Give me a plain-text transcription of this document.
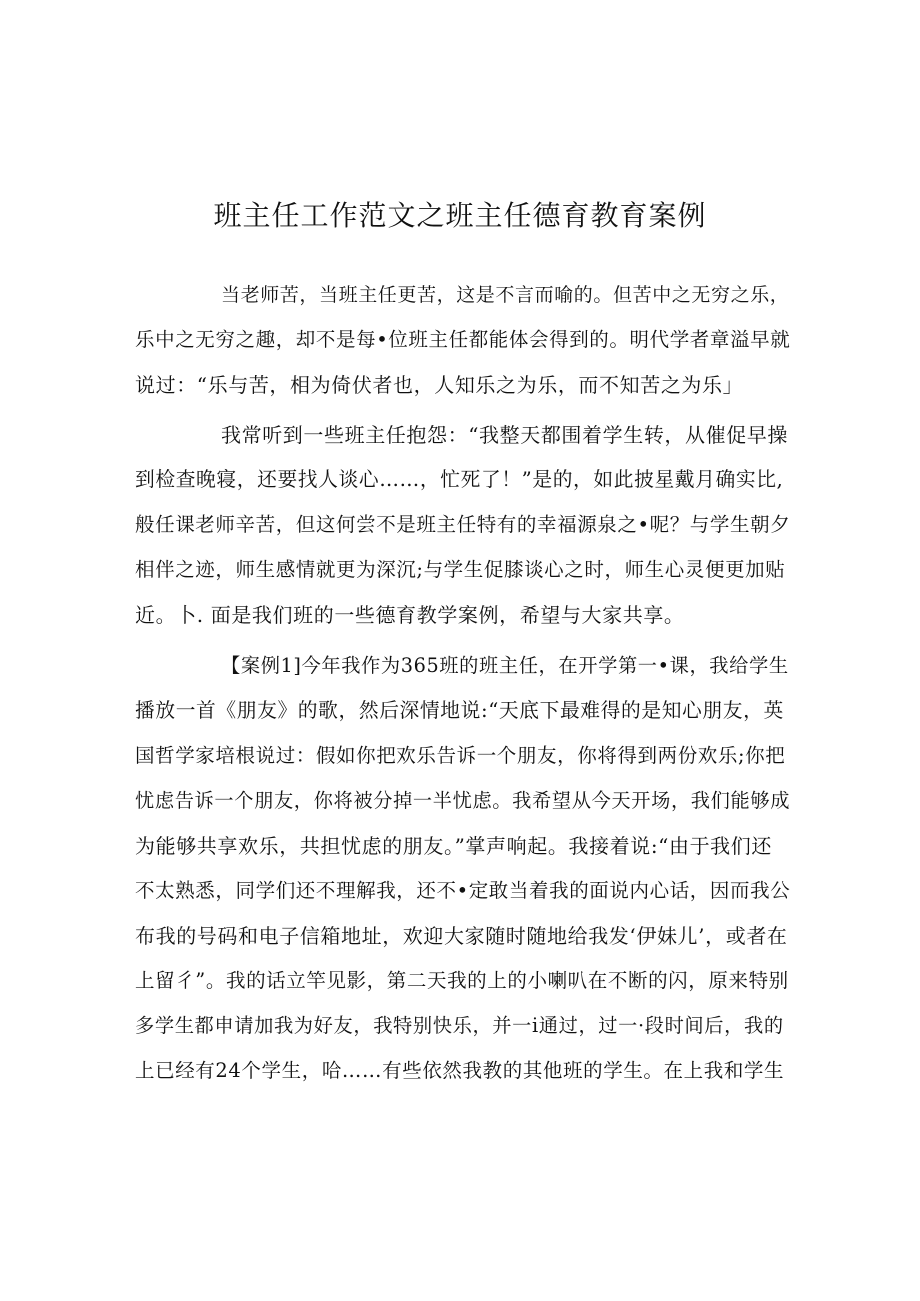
班主任工作范文之班主任德育教育案例

当老师苦，当班主任更苦，这是不言而喻的。但苦中之无穷之乐，

乐中之无穷之趣，却不是每•位班主任都能体会得到的。明代学者章溢早就

说过：“乐与苦，相为倚伏者也，人知乐之为乐，而不知苦之为乐」

我常听到一些班主任抱怨：“我整天都围着学生转，从催促早操

到检查晚寝，还要找人谈心……，忙死了！”是的，如此披星戴月确实比,

般任课老师辛苦，但这何尝不是班主任特有的幸福源泉之•呢？与学生朝夕

相伴之迹，师生感情就更为深沉;与学生促膝谈心之时，师生心灵便更加贴

近。卜. 面是我们班的一些德育教学案例，希望与大家共享。

【案例1]今年我作为365班的班主任，在开学第一•课，我给学生

播放一首《朋友》的歌，然后深情地说:“天底下最难得的是知心朋友，英

国哲学家培根说过：假如你把欢乐告诉一个朋友，你将得到两份欢乐;你把

忧虑告诉一个朋友，你将被分掉一半忧虑。我希望从今天开场，我们能够成

为能够共享欢乐，共担忧虑的朋友。”掌声响起。我接着说:“由于我们还

不太熟悉，同学们还不理解我，还不•定敢当着我的面说内心话，因而我公

布我的号码和电子信箱地址，欢迎大家随时随地给我发‘伊妹儿’，或者在

上留彳”。我的话立竿见影，第二天我的上的小喇叭在不断的闪，原来特别

多学生都申请加我为好友，我特别快乐，并一i通过，过一·段时间后，我的

上已经有24个学生，哈……有些依然我教的其他班的学生。在上我和学生
